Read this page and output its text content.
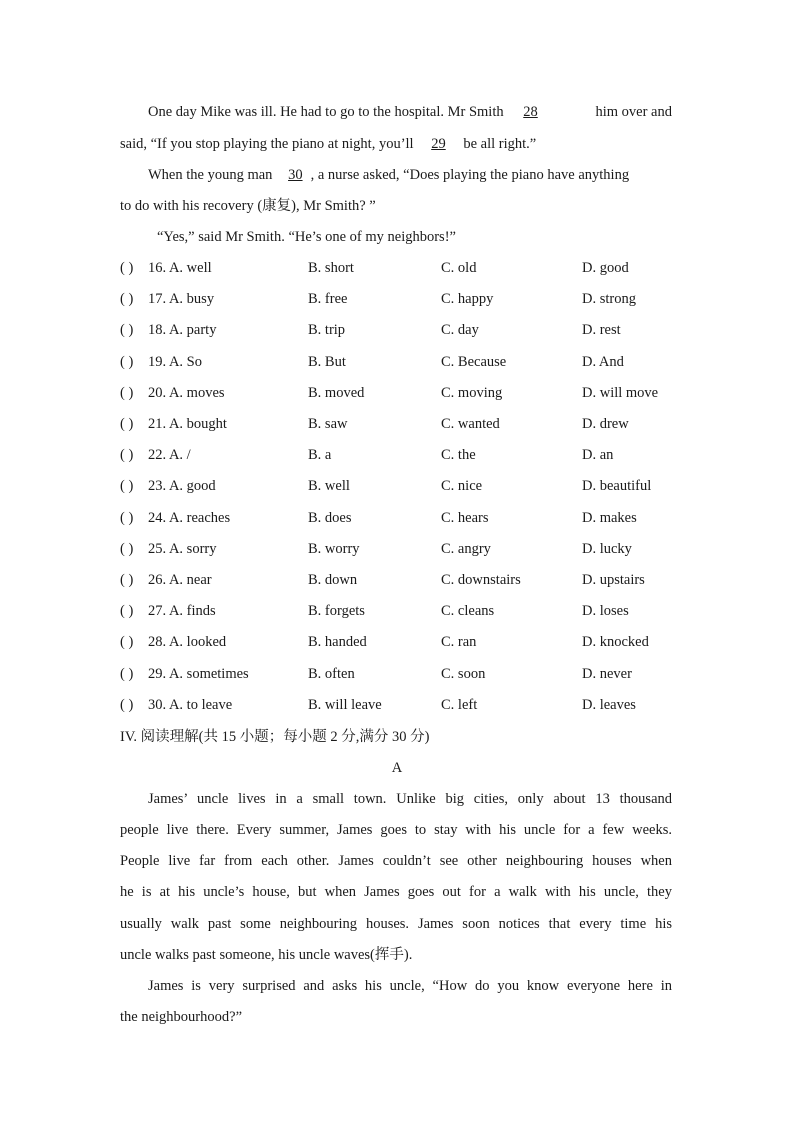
One day Mike was ill. He had to go to the hospital. Mr Smith 28	him over and
said, “If you stop playing the piano at night, you’ll 29 be all right.”
When the young man 30 , a nurse asked, “Does playing the piano have anything
to do with his recovery (康复), Mr Smith? ”
“Yes,” said Mr Smith. “He’s one of my neighbors!”
( ) 16. A. well	B. short	C. old	D. good
( ) 17. A. busy	B. free	C. happy	D. strong
( ) 18. A. party	B. trip	C. day	D. rest
( ) 19. A. So	B. But	C. Because	D. And
( ) 20. A. moves	B. moved	C. moving	D. will move
( ) 21. A. bought	B. saw	C. wanted	D. drew
( ) 22. A. /	B. a	C. the	D. an
( ) 23. A. good	B. well	C. nice	D. beautiful
( ) 24. A. reaches	B. does	C. hears	D. makes
( ) 25. A. sorry	B. worry	C. angry	D. lucky
( ) 26. A. near	B. down	C. downstairs	D. upstairs
( ) 27. A. finds	B. forgets	C. cleans	D. loses
( ) 28. A. looked	B. handed	C. ran	D. knocked
( ) 29. A. sometimes	B. often	C. soon	D. never
( ) 30. A. to leave	B. will leave	C. left	D. leaves
IV. 阅读理解(共 15 小题；每小题 2 分,满分 30 分)
A
James’ uncle lives in a small town. Unlike big cities, only about 13 thousand
people live there. Every summer, James goes to stay with his uncle for a few weeks.
People live far from each other. James couldn’t see other neighbouring houses when
he is at his uncle’s house, but when James goes out for a walk with his uncle, they
usually walk past some neighbouring houses. James soon notices that every time his
uncle walks past someone, his uncle waves(挥手).
James is very surprised and asks his uncle, “How do you know everyone here in
the neighbourhood?”
